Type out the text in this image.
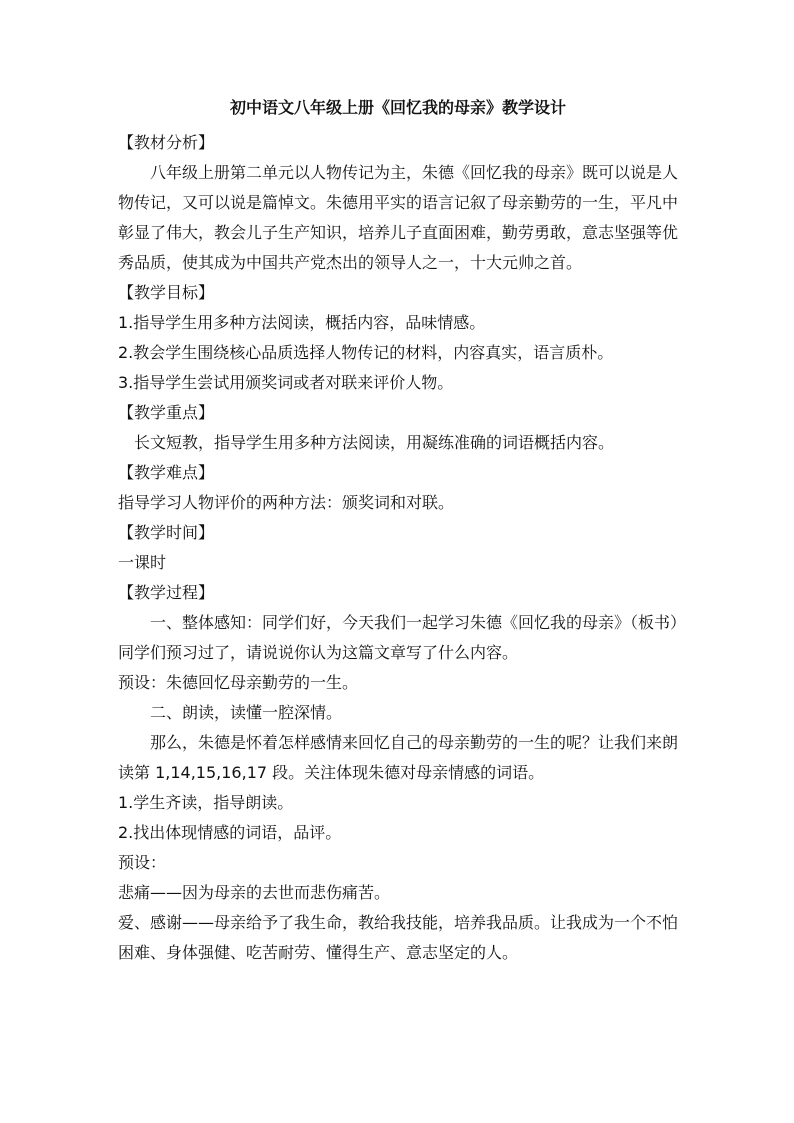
初中语文八年级上册《回忆我的母亲》教学设计

【教材分析】

八年级上册第二单元以人物传记为主，朱德《回忆我的母亲》既可以说是人物传记，又可以说是篇悼文。朱德用平实的语言记叙了母亲勤劳的一生，平凡中彰显了伟大，教会儿子生产知识，培养儿子直面困难，勤劳勇敢，意志坚强等优秀品质，使其成为中国共产党杰出的领导人之一，十大元帅之首。

【教学目标】

1.指导学生用多种方法阅读，概括内容，品味情感。

2.教会学生围绕核心品质选择人物传记的材料，内容真实，语言质朴。

3.指导学生尝试用颁奖词或者对联来评价人物。

【教学重点】

长文短教，指导学生用多种方法阅读，用凝练准确的词语概括内容。

【教学难点】

指导学习人物评价的两种方法：颁奖词和对联。

【教学时间】

一课时

【教学过程】

一、整体感知：同学们好，今天我们一起学习朱德《回忆我的母亲》（板书）同学们预习过了，请说说你认为这篇文章写了什么内容。

预设：朱德回忆母亲勤劳的一生。

二、朗读，读懂一腔深情。

那么，朱德是怀着怎样感情来回忆自己的母亲勤劳的一生的呢？让我们来朗读第 1,14,15,16,17 段。关注体现朱德对母亲情感的词语。

1.学生齐读，指导朗读。

2.找出体现情感的词语，品评。

预设：

悲痛——因为母亲的去世而悲伤痛苦。

爱、感谢——母亲给予了我生命，教给我技能，培养我品质。让我成为一个不怕困难、身体强健、吃苦耐劳、懂得生产、意志坚定的人。
